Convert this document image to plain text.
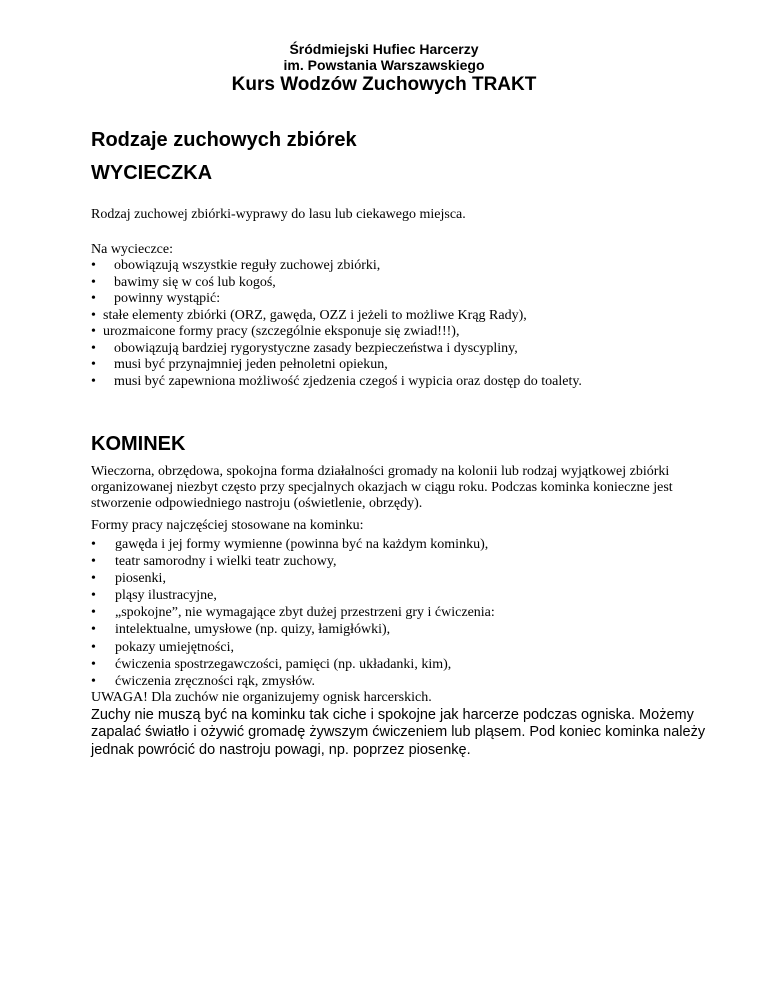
Śródmiejski Hufiec Harcerzy
im. Powstania Warszawskiego
Kurs Wodzów Zuchowych TRAKT
Rodzaje zuchowych zbiórek
WYCIECZKA
Rodzaj zuchowej zbiórki-wyprawy do lasu lub ciekawego miejsca.
Na wycieczce:
• obowiązują wszystkie reguły zuchowej zbiórki,
• bawimy się w coś lub kogoś,
• powinny wystąpić:
• stałe elementy zbiórki (ORZ, gawęda, OZZ i jeżeli to możliwe Krąg Rady),
• urozmaicone formy pracy (szczególnie eksponuje się zwiad!!!),
• obowiązują bardziej rygorystyczne zasady bezpieczeństwa i dyscypliny,
• musi być przynajmniej jeden pełnoletni opiekun,
• musi być zapewniona możliwość zjedzenia czegoś i wypicia oraz dostęp do toalety.
KOMINEK
Wieczorna, obrzędowa, spokojna forma działalności gromady na kolonii lub rodzaj wyjątkowej zbiórki organizowanej niezbyt często przy specjalnych okazjach w ciągu roku. Podczas kominka konieczne jest stworzenie odpowiedniego nastroju (oświetlenie, obrzędy).
Formy pracy najczęściej stosowane na kominku:
• gawęda i jej formy wymienne (powinna być na każdym kominku),
• teatr samorodny i wielki teatr zuchowy,
• piosenki,
• pląsy ilustracyjne,
• „spokojne”, nie wymagające zbyt dużej przestrzeni gry i ćwiczenia:
• intelektualne, umysłowe (np. quizy, łamigłówki),
• pokazy umiejętności,
• ćwiczenia spostrzegawczości, pamięci (np. układanki, kim),
• ćwiczenia zręczności rąk, zmysłów.
UWAGA! Dla zuchów nie organizujemy ognisk harcerskich.
Zuchy nie muszą być na kominku tak ciche i spokojne jak harcerze podczas ogniska. Możemy zapalać światło i ożywić gromadę żywszym ćwiczeniem lub pląsem. Pod koniec kominka należy jednak powrócić do nastroju powagi, np. poprzez piosenkę.
